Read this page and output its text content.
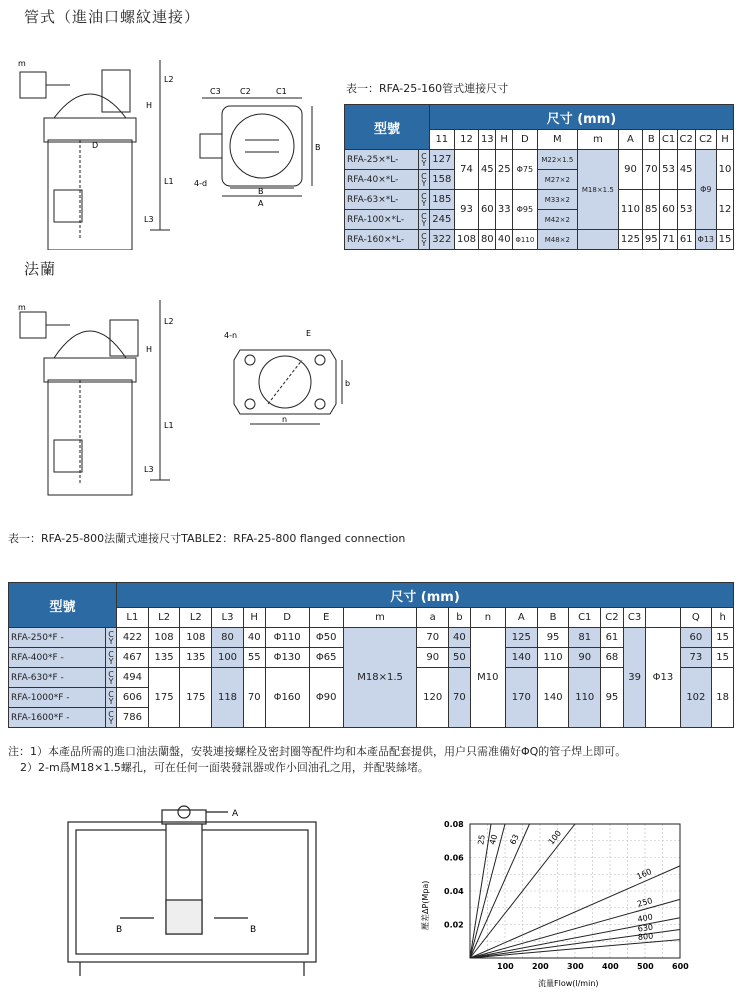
管式（進油口螺紋連接）
法蘭
m
L2
H
L1
L3
D
C3 C2	C1
B
B
A
4-d
m
L2
H
L1
L3
4-n	E
b
n
表一：RFA-25-160管式連接尺寸
型號		尺寸 (mm)												
		11	12	13	H	D	M	m	A	B	C1	C2	C2	H
RFA-25×*L-	C Y	127	74	45	25	Φ75	M22×1.5	M18×1.5	90	70	53	45	Φ9	10
RFA-40×*L-	C Y	158					M27×2							
RFA-63×*L-	C Y	185	93	60	33	Φ95	M33×2		110	85	60	53		12
RFA-100×*L-	C Y	245					M42×2							
RFA-160×*L-	C Y	322	108	80	40	Φ110	M48×2		125	95	71	61	Φ13	15
表一：RFA-25-800法蘭式連接尺寸TABLE2：RFA-25-800 flanged connection
型號		尺寸 (mm)																		
		L1	L2	L2	L3	H	D	E	m	a	b	n	A	B	C1	C2	C3		Q	h
RFA-250*F -	C Y	422	108	108	80	40	Φ110	Φ50	M18×1.5	70	40	M10	125	95	81	61	39	Φ13	60	15
RFA-400*F -	C Y	467	135	135	100	55	Φ130	Φ65		90	50		140	110	90	68			73	15
RFA-630*F -	C Y	494	175	175	118	70	Φ160	Φ90		120	70		170	140	110	95			102	18
RFA-1000*F -	C Y	606																		
RFA-1600*F -	C Y	786																		
注：1）本產品所需的進口油法蘭盤，安裝連接螺栓及密封圈等配件均和本產品配套提供，用户只需准備好ΦQ的管子焊上即可。
2）2-m爲M18×1.5螺孔，可在任何一面裝發訊器或作小回油孔之用，并配裝絲堵。
A
B	B
25 40 63	100
160
250
400
630
800
100 200 300 400 500 600
0.02
0.04
0.06
0.08
壓差ΔP(Mpa)
流量Flow(l/min)
